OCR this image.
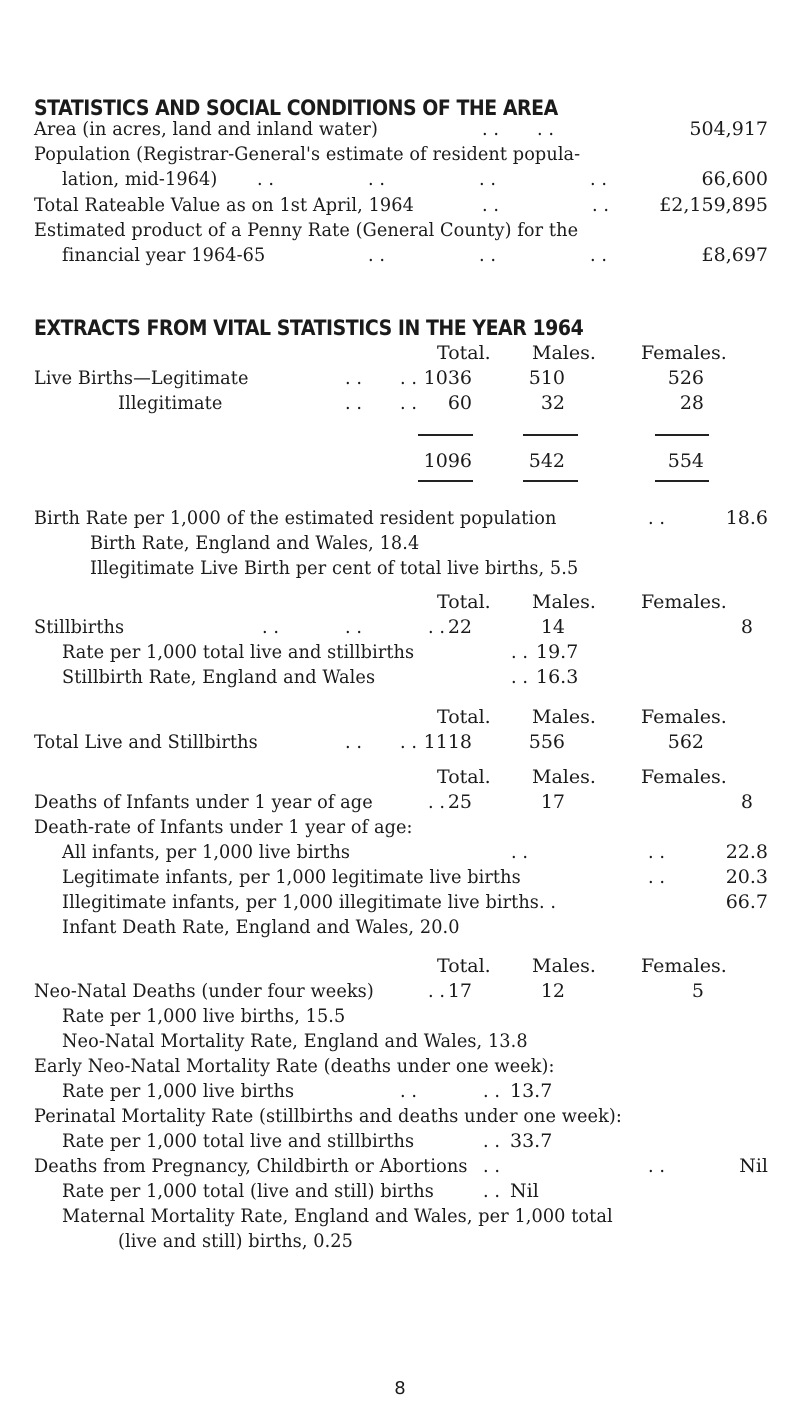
STATISTICS AND SOCIAL CONDITIONS OF THE AREA
Area (in acres, land and inland water)	. . . .	504,917
Population (Registrar-General's estimate of resident popula-
lation, mid-1964) . .	. .	. .	. .	66,600
Total Rateable Value as on 1st April, 1964	. .	. .	£2,159,895
Estimated product of a Penny Rate (General County) for the
financial year 1964-65	. .	. .	. .	£8,697
EXTRACTS FROM VITAL STATISTICS IN THE YEAR 1964
Total. Males. Females.
Live Births—Legitimate	. . . . 1036	510	526
Illegitimate	. . . . 60	32	28
1096	542	554
Birth Rate per 1,000 of the estimated resident population	. .	18.6
Birth Rate, England and Wales, 18.4
Illegitimate Live Birth per cent of total live births, 5.5
Total. Males. Females.
Stillbirths	. .	. .	. . 22	14	8
Rate per 1,000 total live and stillbirths	. . 19.7
Stillbirth Rate, England and Wales	. . 16.3
Total. Males. Females.
Total Live and Stillbirths	. . . . 1118	556	562
Total. Males. Females.
Deaths of Infants under 1 year of age	. . 25	17	8
Death-rate of Infants under 1 year of age:
All infants, per 1,000 live births	. .	. .	22.8
Legitimate infants, per 1,000 legitimate live births	. .	20.3
Illegitimate infants, per 1,000 illegitimate live births. .	66.7
Infant Death Rate, England and Wales, 20.0
Total. Males. Females.
Neo-Natal Deaths (under four weeks)	. . 17	12	5
Rate per 1,000 live births, 15.5
Neo-Natal Mortality Rate, England and Wales, 13.8
Early Neo-Natal Mortality Rate (deaths under one week):
Rate per 1,000 live births	. .	. . 13.7
Perinatal Mortality Rate (stillbirths and deaths under one week):
Rate per 1,000 total live and stillbirths	. . 33.7
Deaths from Pregnancy, Childbirth or Abortions . .	. .	Nil
Rate per 1,000 total (live and still) births	. . Nil
Maternal Mortality Rate, England and Wales, per 1,000 total
(live and still) births, 0.25
8
